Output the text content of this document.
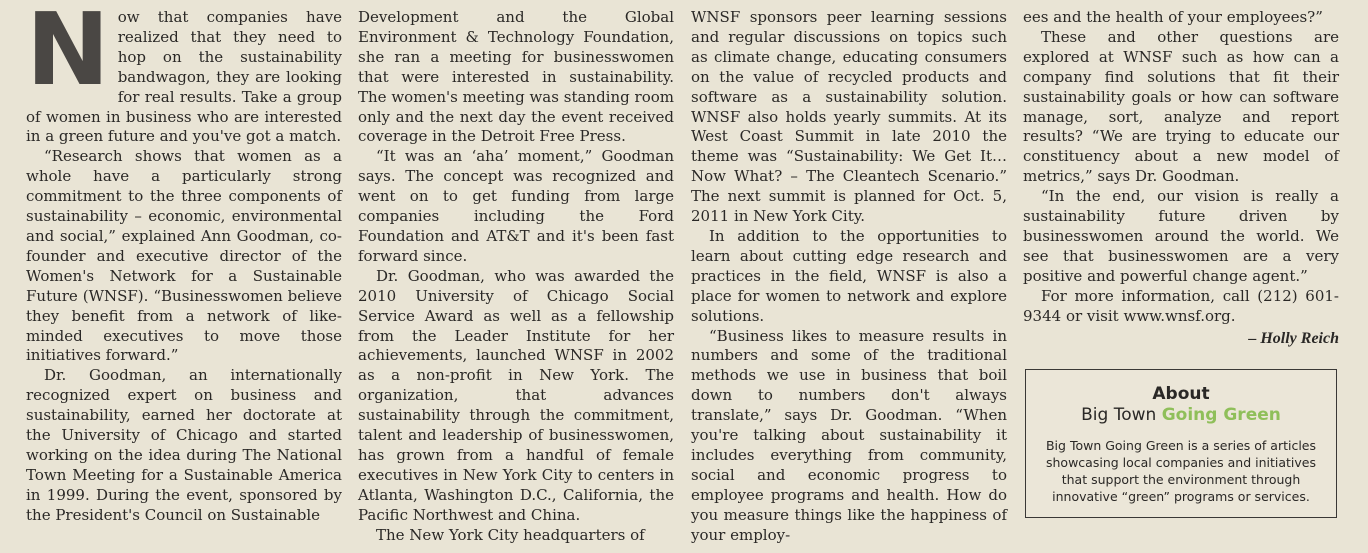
N ow that companies have realized that they need to hop on the sustainability bandwagon, they are looking for real results. Take a group of women in business who are interested in a green future and you've got a match.

“Research shows that women as a whole have a particularly strong commitment to the three components of sustainability – economic, environmental and social,” explained Ann Goodman, co-founder and executive director of the Women's Network for a Sustainable Future (WNSF). “Businesswomen believe they benefit from a network of like-minded executives to move those initiatives forward.”

Dr. Goodman, an internationally recognized expert on business and sustainability, earned her doctorate at the University of Chicago and started working on the idea during The National Town Meeting for a Sustainable America in 1999. During the event, sponsored by the President's Council on Sustainable

Development and the Global Environment & Technology Foundation, she ran a meeting for businesswomen that were interested in sustainability. The women's meeting was standing room only and the next day the event received coverage in the Detroit Free Press.

“It was an ‘aha’ moment,” Goodman says. The concept was recognized and went on to get funding from large companies including the Ford Foundation and AT&T and it's been fast forward since.

Dr. Goodman, who was awarded the 2010 University of Chicago Social Service Award as well as a fellowship from the Leader Institute for her achievements, launched WNSF in 2002 as a non-profit in New York. The organization, that advances sustainability through the commitment, talent and leadership of businesswomen, has grown from a handful of female executives in New York City to centers in Atlanta, Washington D.C., California, the Pacific Northwest and China.

The New York City headquarters of

WNSF sponsors peer learning sessions and regular discussions on topics such as climate change, educating consumers on the value of recycled products and software as a sustainability solution. WNSF also holds yearly summits. At its West Coast Summit in late 2010 the theme was “Sustainability: We Get It…Now What? – The Cleantech Scenario.” The next summit is planned for Oct. 5, 2011 in New York City.

In addition to the opportunities to learn about cutting edge research and practices in the field, WNSF is also a place for women to network and explore solutions.

“Business likes to measure results in numbers and some of the traditional methods we use in business that boil down to numbers don't always translate,” says Dr. Goodman. “When you're talking about sustainability it includes everything from community, social and economic progress to employee programs and health. How do you measure things like the happiness of your employ-

ees and the health of your employees?”

These and other questions are explored at WNSF such as how can a company find solutions that fit their sustainability goals or how can software manage, sort, analyze and report results? “We are trying to educate our constituency about a new model of metrics,” says Dr. Goodman.

“In the end, our vision is really a sustainability future driven by businesswomen around the world. We see that businesswomen are a very positive and powerful change agent.”

For more information, call (212) 601-9344 or visit www.wnsf.org.

– Holly Reich
About
Big Town Going Green
Big Town Going Green is a series of articles showcasing local companies and initiatives that support the environment through innovative “green” programs or services.
